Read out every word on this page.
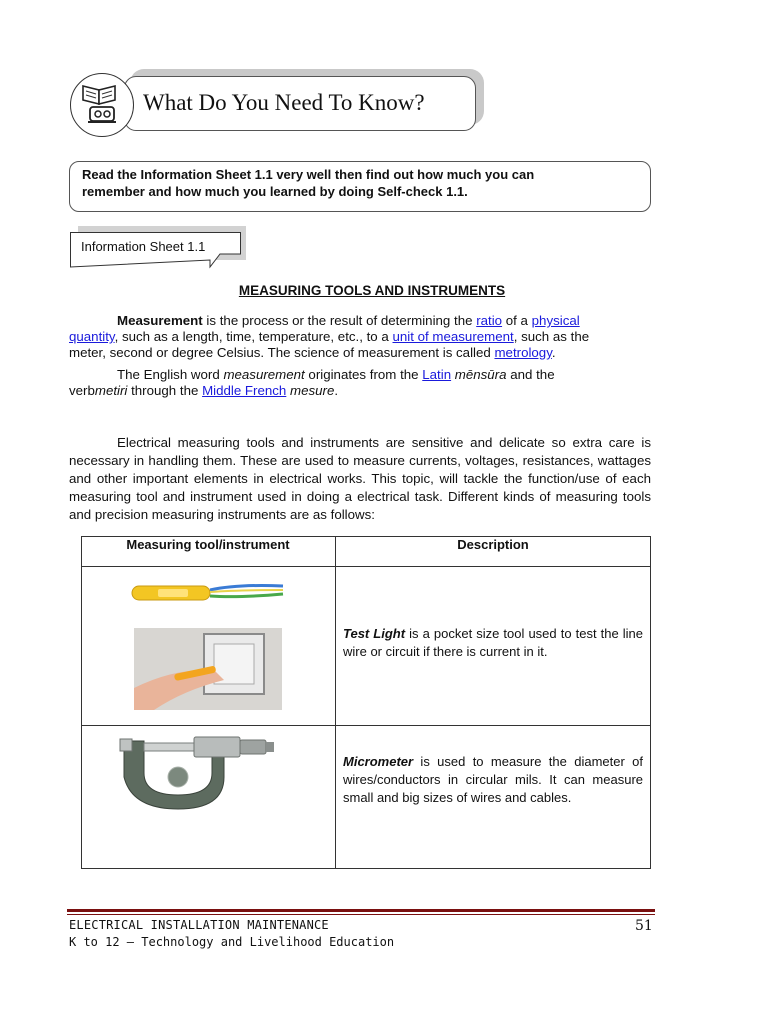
What Do You Need To Know?
Read the Information Sheet 1.1 very well then find out how much you can
remember and how much you learned by doing Self-check 1.1.
Information Sheet 1.1
MEASURING TOOLS AND INSTRUMENTS
Measurement is the process or the result of determining the ratio of a physical
quantity, such as a length, time, temperature, etc., to a unit of measurement, such as the
meter, second or degree Celsius. The science of measurement is called metrology.
The English word measurement originates from the Latin mēnsūra and the
verbmetiri through the Middle French mesure.
Electrical measuring tools and instruments are sensitive and delicate so extra care is necessary in handling them. These are used to measure currents, voltages, resistances, wattages and other important elements in electrical works. This topic, will tackle the function/use of each measuring tool and instrument used in doing a electrical task. Different kinds of measuring tools and precision measuring instruments are as follows:
Measuring tool/instrument	Description
Test Light is a pocket size tool used to test the line wire or circuit if there is current in it.
Micrometer is used to measure the diameter of wires/conductors in circular mils. It can measure small and big sizes of wires and cables.
ELECTRICAL INSTALLATION MAINTENANCE
K to 12 – Technology and Livelihood Education
51
